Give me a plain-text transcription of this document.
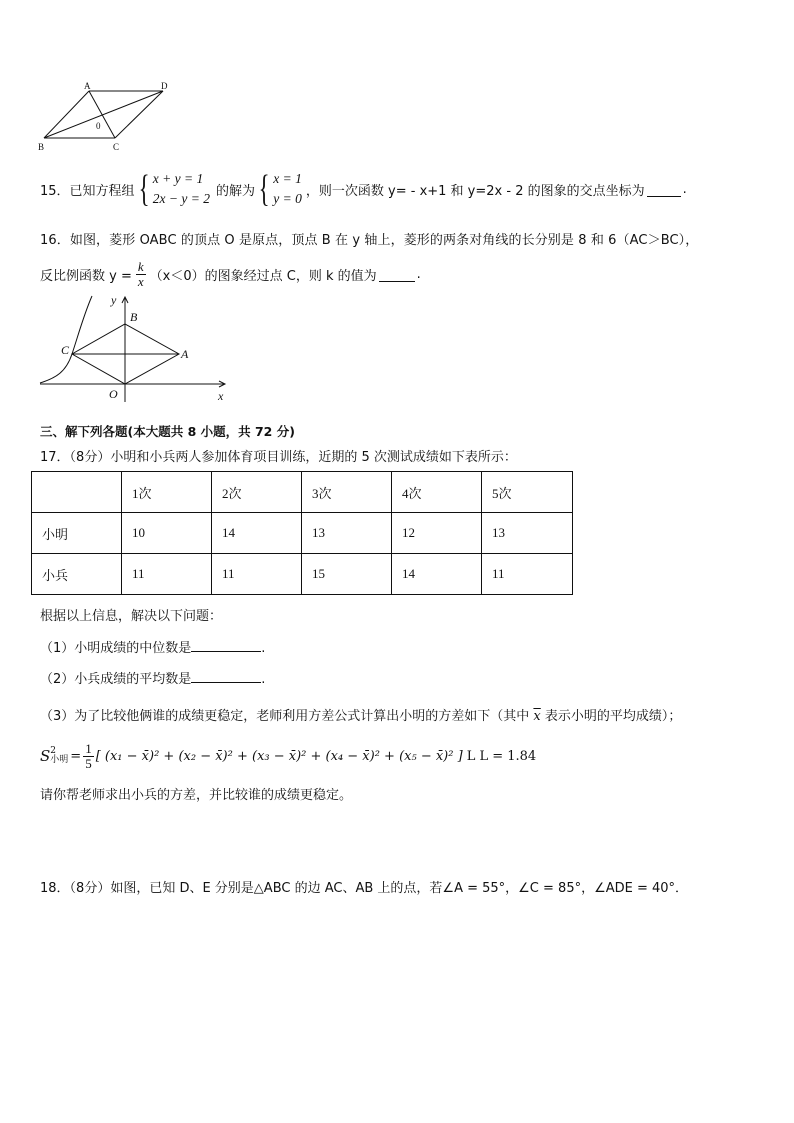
A	D
0
B	C
15．已知方程组 { x + y = 1
2x − y = 2 的解为 { x = 1
y = 0 ，则一次函数 y= - x+1 和 y=2x - 2 的图象的交点坐标为	.
16．如图，菱形 OABC 的顶点 O 是原点，顶点 B 在 y 轴上，菱形的两条对角线的长分别是 8 和 6（AC＞BC），
反比例函数 $y = \frac{k}{x} (x<0)$的图象经过点 C，则 k 的值为	.
y
x
B
C	A
O
三、解下列各题(本大题共 8 小题，共 72 分)
17．（8分）小明和小兵两人参加体育项目训练，近期的 5 次测试成绩如下表所示：
	1次	2次	3次	4次	5次
小明	10	14	13	12	13
小兵	11	11	15	14	11
根据以上信息，解决以下问题：
（1）小明成绩的中位数是	.
（2）小兵成绩的平均数是	.
（3）为了比较他俩谁的成绩更稳定，老师利用方差公式计算出小明的方差如下（其中 $\overline{x}$ 表示小明的平均成绩）；
S 2
小明 = $\frac{1}{5}$ [ (x₁ − x̄)² + (x₂ − x̄)² + (x₃ − x̄)² + (x₄ − x̄)² + (x₅ − x̄)² ] L L = 1.84
请你帮老师求出小兵的方差，并比较谁的成绩更稳定。
18．（8分）如图，已知 D、E 分别是△ABC 的边 AC、AB 上的点，若∠A = 55°，∠C = 85°，∠ADE = 40°．
